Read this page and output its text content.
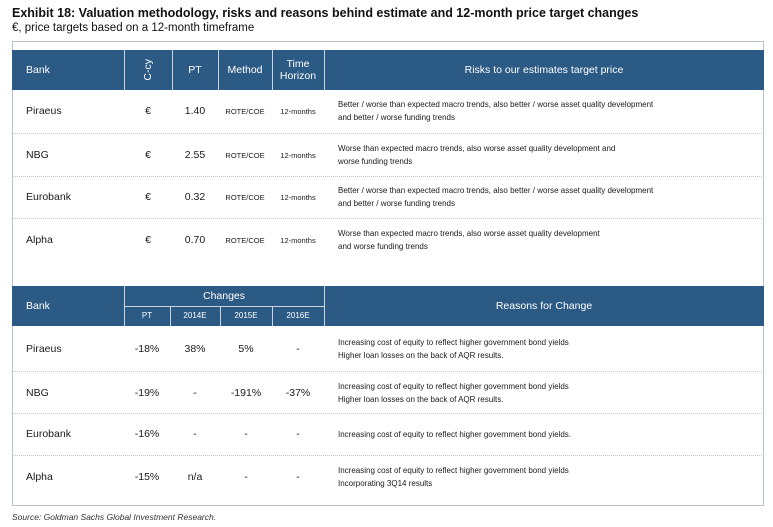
Exhibit 18: Valuation methodology, risks and reasons behind estimate and 12-month price target changes
€, price targets based on a 12-month timeframe
Bank	C-cy	PT	Method	Time Horizon	Risks to our estimates target price
Piraeus	€	1.40	ROTE/COE	12-months
Better / worse than expected macro trends, also better / worse asset quality development
and better / worse funding trends
NBG	€	2.55	ROTE/COE	12-months
Worse than expected macro trends, also worse asset quality development and
worse funding trends
Eurobank	€	0.32	ROTE/COE	12-months
Better / worse than expected macro trends, also better / worse asset quality development
and better / worse funding trends
Alpha	€	0.70	ROTE/COE	12-months
Worse than expected macro trends, also worse asset quality development
and worse funding trends
Bank
Changes
PT	2014E	2015E	2016E
Reasons for Change
Piraeus	-18%	38%	5%	-
Increasing cost of equity to reflect higher government bond yields
Higher loan losses on the back of AQR results.
NBG	-19%	-	-191%	-37%
Increasing cost of equity to reflect higher government bond yields
Higher loan losses on the back of AQR results.
Eurobank	-16%	-	-	-	Increasing cost of equity to reflect higher government bond yields.
Alpha	-15%	n/a	-	-
Increasing cost of equity to reflect higher government bond yields
Incorporating 3Q14 results
Source: Goldman Sachs Global Investment Research.
